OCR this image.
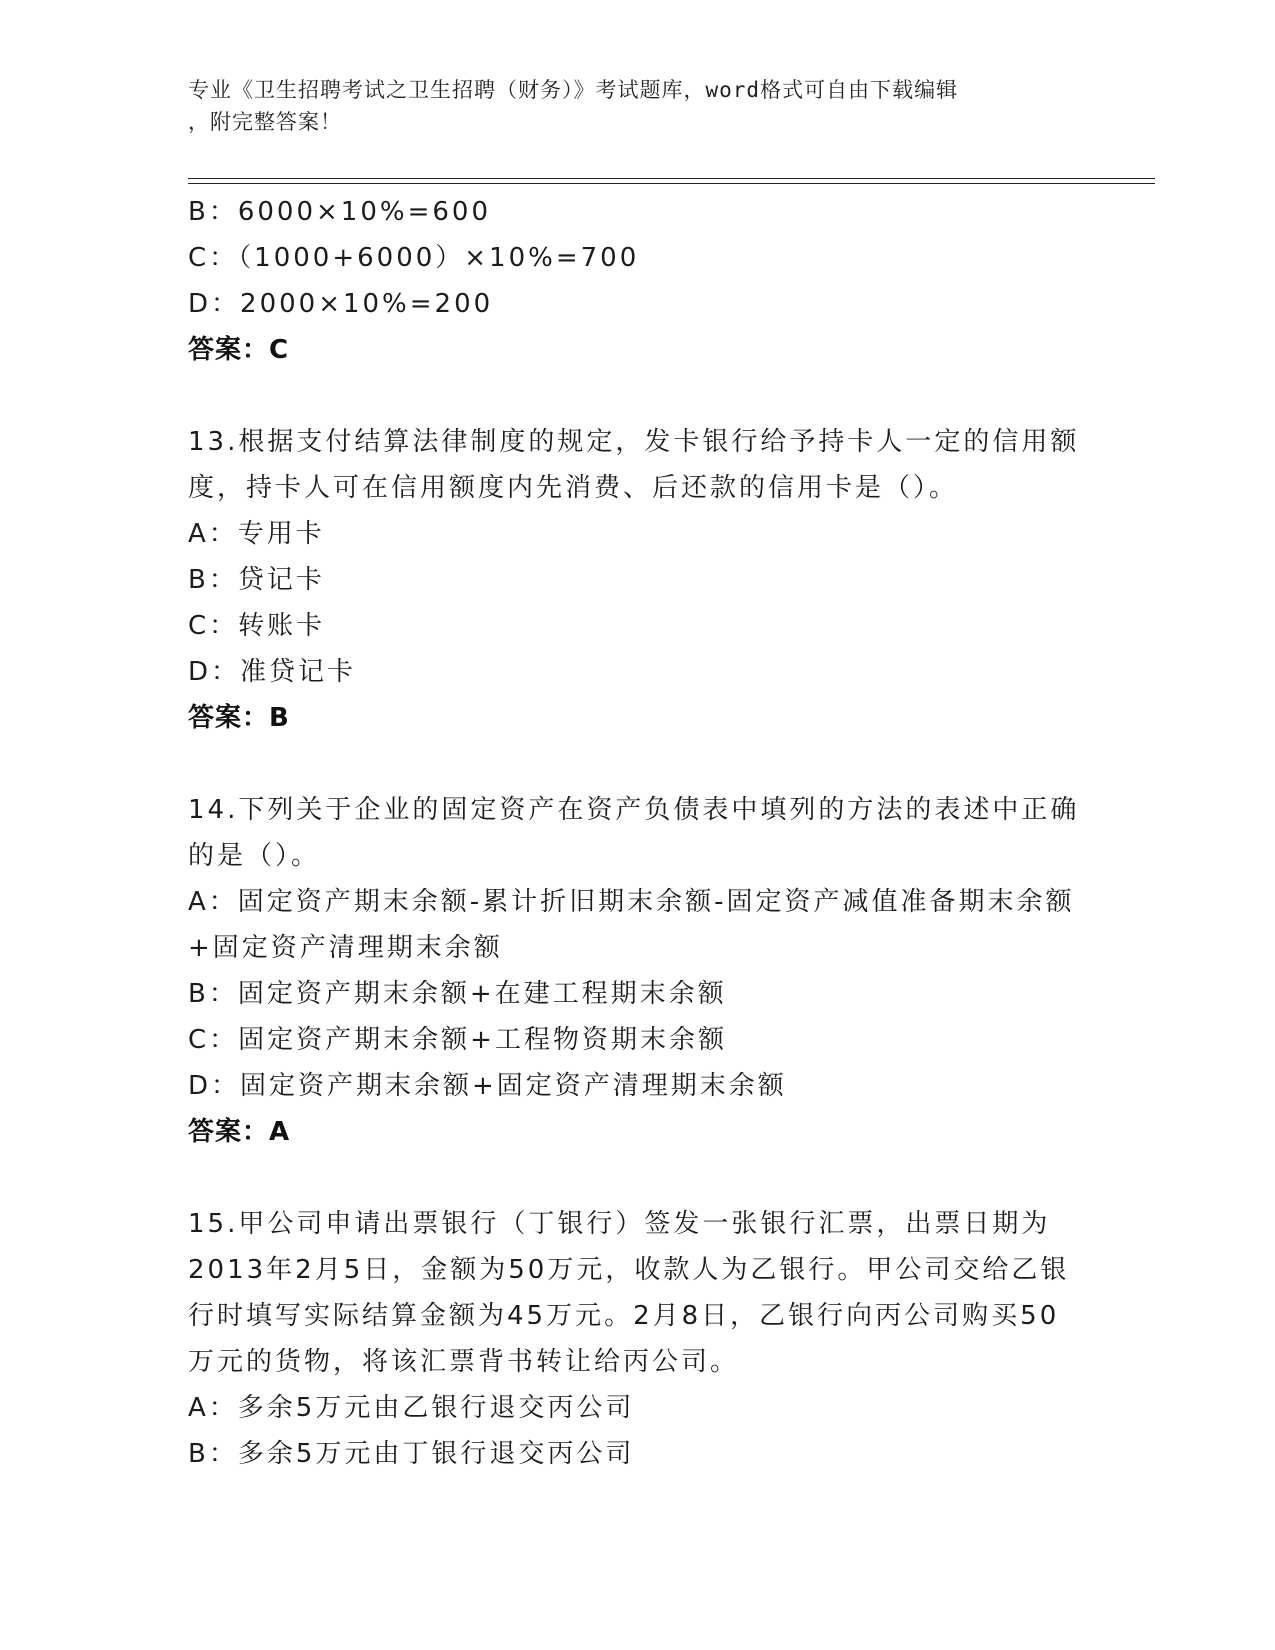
专业《卫生招聘考试之卫生招聘（财务）》考试题库，word格式可自由下载编辑
，附完整答案！
B：6000×10%=600
C：（1000+6000）×10%=700
D：2000×10%=200
答案：C
13.根据支付结算法律制度的规定，发卡银行给予持卡人一定的信用额
度，持卡人可在信用额度内先消费、后还款的信用卡是（）。
A：专用卡
B：贷记卡
C：转账卡
D：准贷记卡
答案：B
14.下列关于企业的固定资产在资产负债表中填列的方法的表述中正确
的是（）。
A：固定资产期末余额-累计折旧期末余额-固定资产减值准备期末余额
+固定资产清理期末余额
B：固定资产期末余额+在建工程期末余额
C：固定资产期末余额+工程物资期末余额
D：固定资产期末余额+固定资产清理期末余额
答案：A
15.甲公司申请出票银行（丁银行）签发一张银行汇票，出票日期为
2013年2月5日，金额为50万元，收款人为乙银行。甲公司交给乙银
行时填写实际结算金额为45万元。2月8日，乙银行向丙公司购买50
万元的货物，将该汇票背书转让给丙公司。
A：多余5万元由乙银行退交丙公司
B：多余5万元由丁银行退交丙公司
